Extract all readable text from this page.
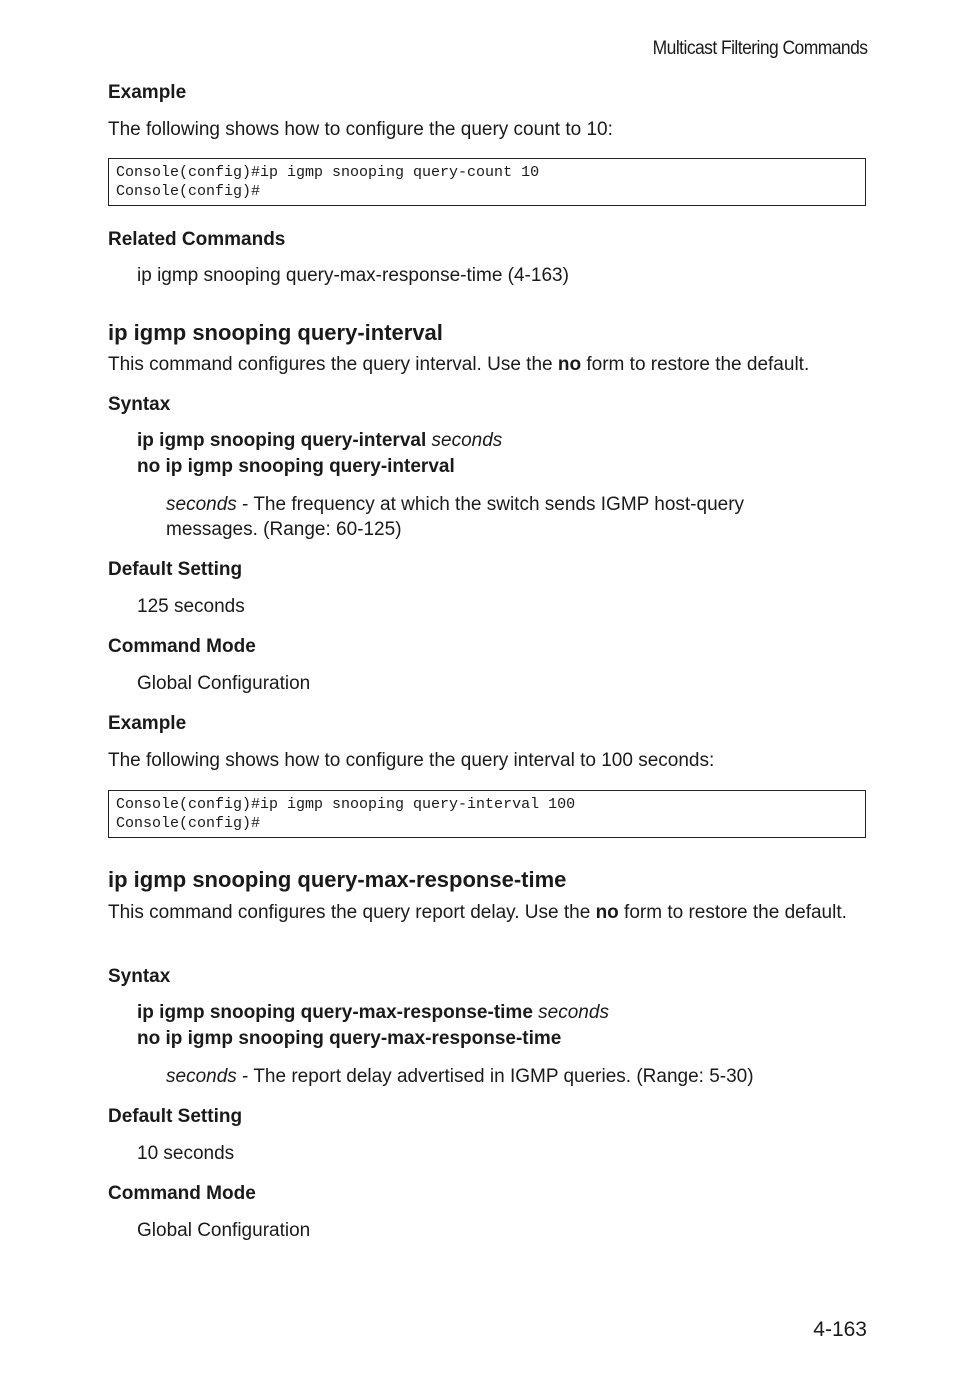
Multicast Filtering Commands

Example

The following shows how to configure the query count to 10:

Console(config)#ip igmp snooping query-count 10
Console(config)#

Related Commands

ip igmp snooping query-max-response-time (4-163)

ip igmp snooping query-interval

This command configures the query interval. Use the no form to restore the default.

Syntax

ip igmp snooping query-interval seconds
no ip igmp snooping query-interval

seconds - The frequency at which the switch sends IGMP host-query messages. (Range: 60-125)

Default Setting

125 seconds

Command Mode

Global Configuration

Example

The following shows how to configure the query interval to 100 seconds:

Console(config)#ip igmp snooping query-interval 100
Console(config)#
ip igmp snooping query-max-response-time

This command configures the query report delay. Use the no form to restore the default.

Syntax

ip igmp snooping query-max-response-time seconds
no ip igmp snooping query-max-response-time

seconds - The report delay advertised in IGMP queries. (Range: 5-30)

Default Setting

10 seconds

Command Mode

Global Configuration

4-163
